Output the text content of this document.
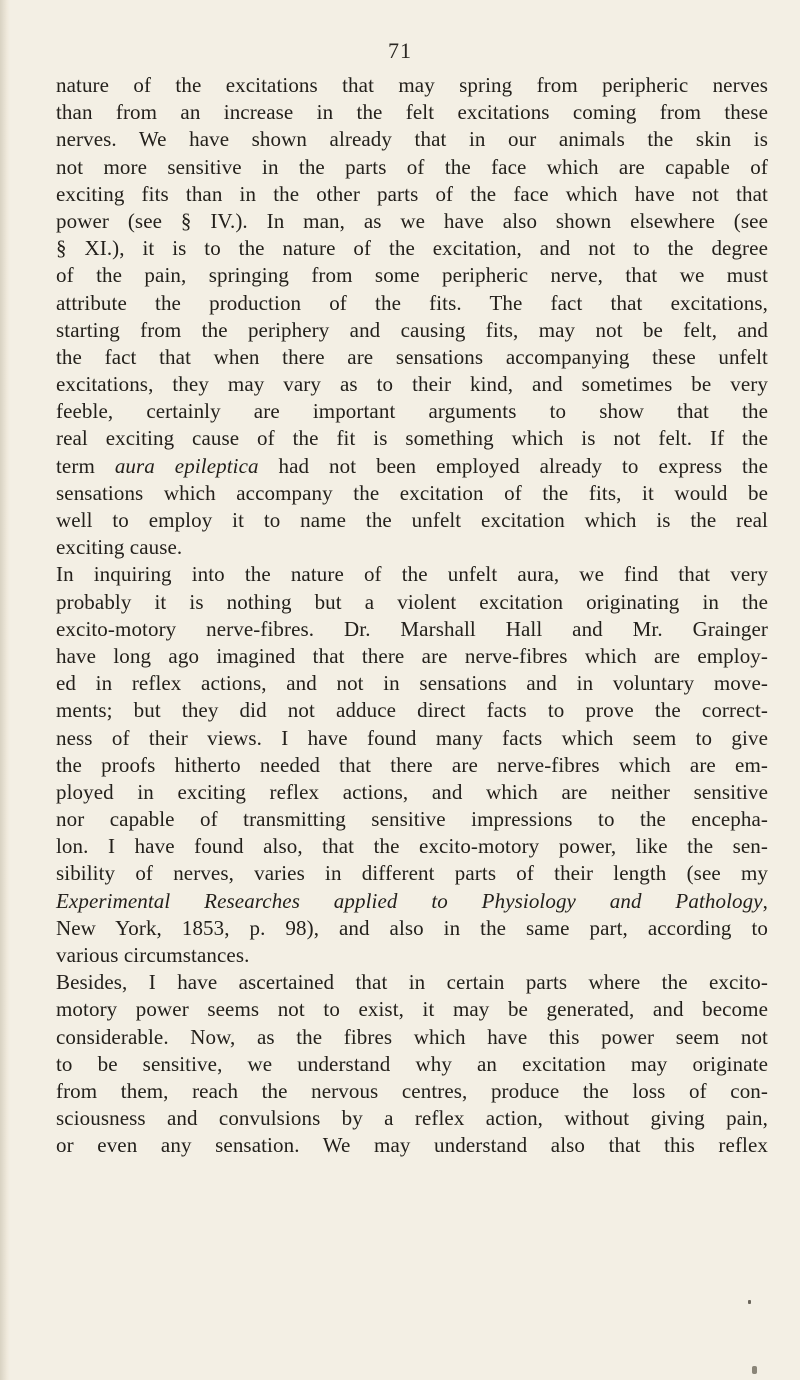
71
nature of the excitations that may spring from peripheric nerves
than from an increase in the felt excitations coming from these
nerves. We have shown already that in our animals the skin is
not more sensitive in the parts of the face which are capable of
exciting fits than in the other parts of the face which have not that
power (see § IV.). In man, as we have also shown elsewhere (see
§ XI.), it is to the nature of the excitation, and not to the degree
of the pain, springing from some peripheric nerve, that we must
attribute the production of the fits. The fact that excitations,
starting from the periphery and causing fits, may not be felt, and
the fact that when there are sensations accompanying these unfelt
excitations, they may vary as to their kind, and sometimes be very
feeble, certainly are important arguments to show that the
real exciting cause of the fit is something which is not felt. If the
term aura epileptica had not been employed already to express the
sensations which accompany the excitation of the fits, it would be
well to employ it to name the unfelt excitation which is the real
exciting cause.
In inquiring into the nature of the unfelt aura, we find that very
probably it is nothing but a violent excitation originating in the
excito-motory nerve-fibres. Dr. Marshall Hall and Mr. Grainger
have long ago imagined that there are nerve-fibres which are employ-
ed in reflex actions, and not in sensations and in voluntary move-
ments; but they did not adduce direct facts to prove the correct-
ness of their views. I have found many facts which seem to give
the proofs hitherto needed that there are nerve-fibres which are em-
ployed in exciting reflex actions, and which are neither sensitive
nor capable of transmitting sensitive impressions to the encepha-
lon. I have found also, that the excito-motory power, like the sen-
sibility of nerves, varies in different parts of their length (see my
Experimental Researches applied to Physiology and Pathology,
New York, 1853, p. 98), and also in the same part, according to
various circumstances.
Besides, I have ascertained that in certain parts where the excito-
motory power seems not to exist, it may be generated, and become
considerable. Now, as the fibres which have this power seem not
to be sensitive, we understand why an excitation may originate
from them, reach the nervous centres, produce the loss of con-
sciousness and convulsions by a reflex action, without giving pain,
or even any sensation. We may understand also that this reflex
